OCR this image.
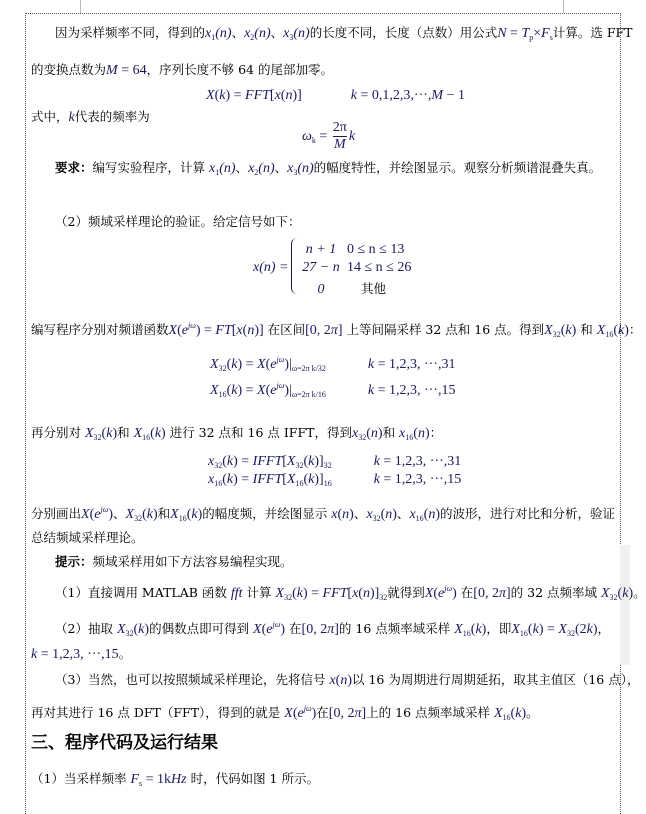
因为采样频率不同，得到的$x_1(n)$、$x_2(n)$、$x_3(n)$的长度不同，长度（点数）用公式$N = T_p\times F_s$计算。选 FFT
的变换点数为M = 64，序列长度不够 64 的尾部加零。
X(k) = FFT[x(n)]	k = 0,1,2,3,···,M − 1
式中，k代表的频率为
要求：编写实验程序，计算 $x_1(n)$、$x_2(n)$、$x_3(n)$的幅度特性，并绘图显示。观察分析频谱混叠失真。
（2）频域采样理论的验证。给定信号如下：
编写程序分别对频谱函数$X(e^{j\omega}) = FT[x(n)]$ 在区间[0, 2π] 上等间隔采样 32 点和 16 点。得到$X_{32}(k)$ 和 $X_{16}(k)$：
$X_{32}(k) = X(e^{j\omega})|_{\omega=2\pi k/32}$	k = 1,2,3, ···,31
$X_{16}(k) = X(e^{j\omega})|_{\omega=2\pi k/16}$	k = 1,2,3, ···,15
再分别对 $X_{32}(k)$和 $X_{16}(k)$ 进行 32 点和 16 点 IFFT，得到$x_{32}(n)$和 $x_{16}(n)$：
$x_{32}(k)$ = $IFFT[X_{32}(k)]_{32}$	k = 1,2,3, ···,31
$x_{16}(k)$ = $IFFT[X_{16}(k)]_{16}$	k = 1,2,3, ···,15
分别画出$X(e^{j\omega})$、$X_{32}(k)$和$X_{16}(k)$的幅度频，并绘图显示 x(n)、$x_{32}(n)$、$x_{16}(n)$的波形，进行对比和分析，验证
总结频域采样理论。
提示：频域采样用如下方法容易编程实现。
（1）直接调用 MATLAB 函数 fft 计算 $X_{32}(k) = FFT[x(n)]_{32}$就得到$X(e^{j\omega})$ 在[0, 2π]的 32 点频率域 $X_{32}(k)$。
（2）抽取 $X_{32}(k)$的偶数点即可得到 $X(e^{j\omega})$ 在[0, 2π]的 16 点频率域采样 $X_{16}(k)$，即$X_{16}(k) = X_{32}(2k)$，
k = 1,2,3, ···,15。
（3）当然，也可以按照频域采样理论，先将信号 x(n)以 16 为周期进行周期延拓，取其主值区（16 点），
再对其进行 16 点 DFT（FFT），得到的就是 $X(e^{j\omega})$在[0, 2π]上的 16 点频率域采样 $X_{16}(k)$。
三、程序代码及运行结果
（1）当采样频率 $F_s = 1kHz$ 时，代码如图 1 所示。
$\omega_k = \frac{2\pi}{M}$ k
x(n) =
n + 1 0 ≤ n ≤ 13
27 − n 14 ≤ n ≤ 26
0	其他
